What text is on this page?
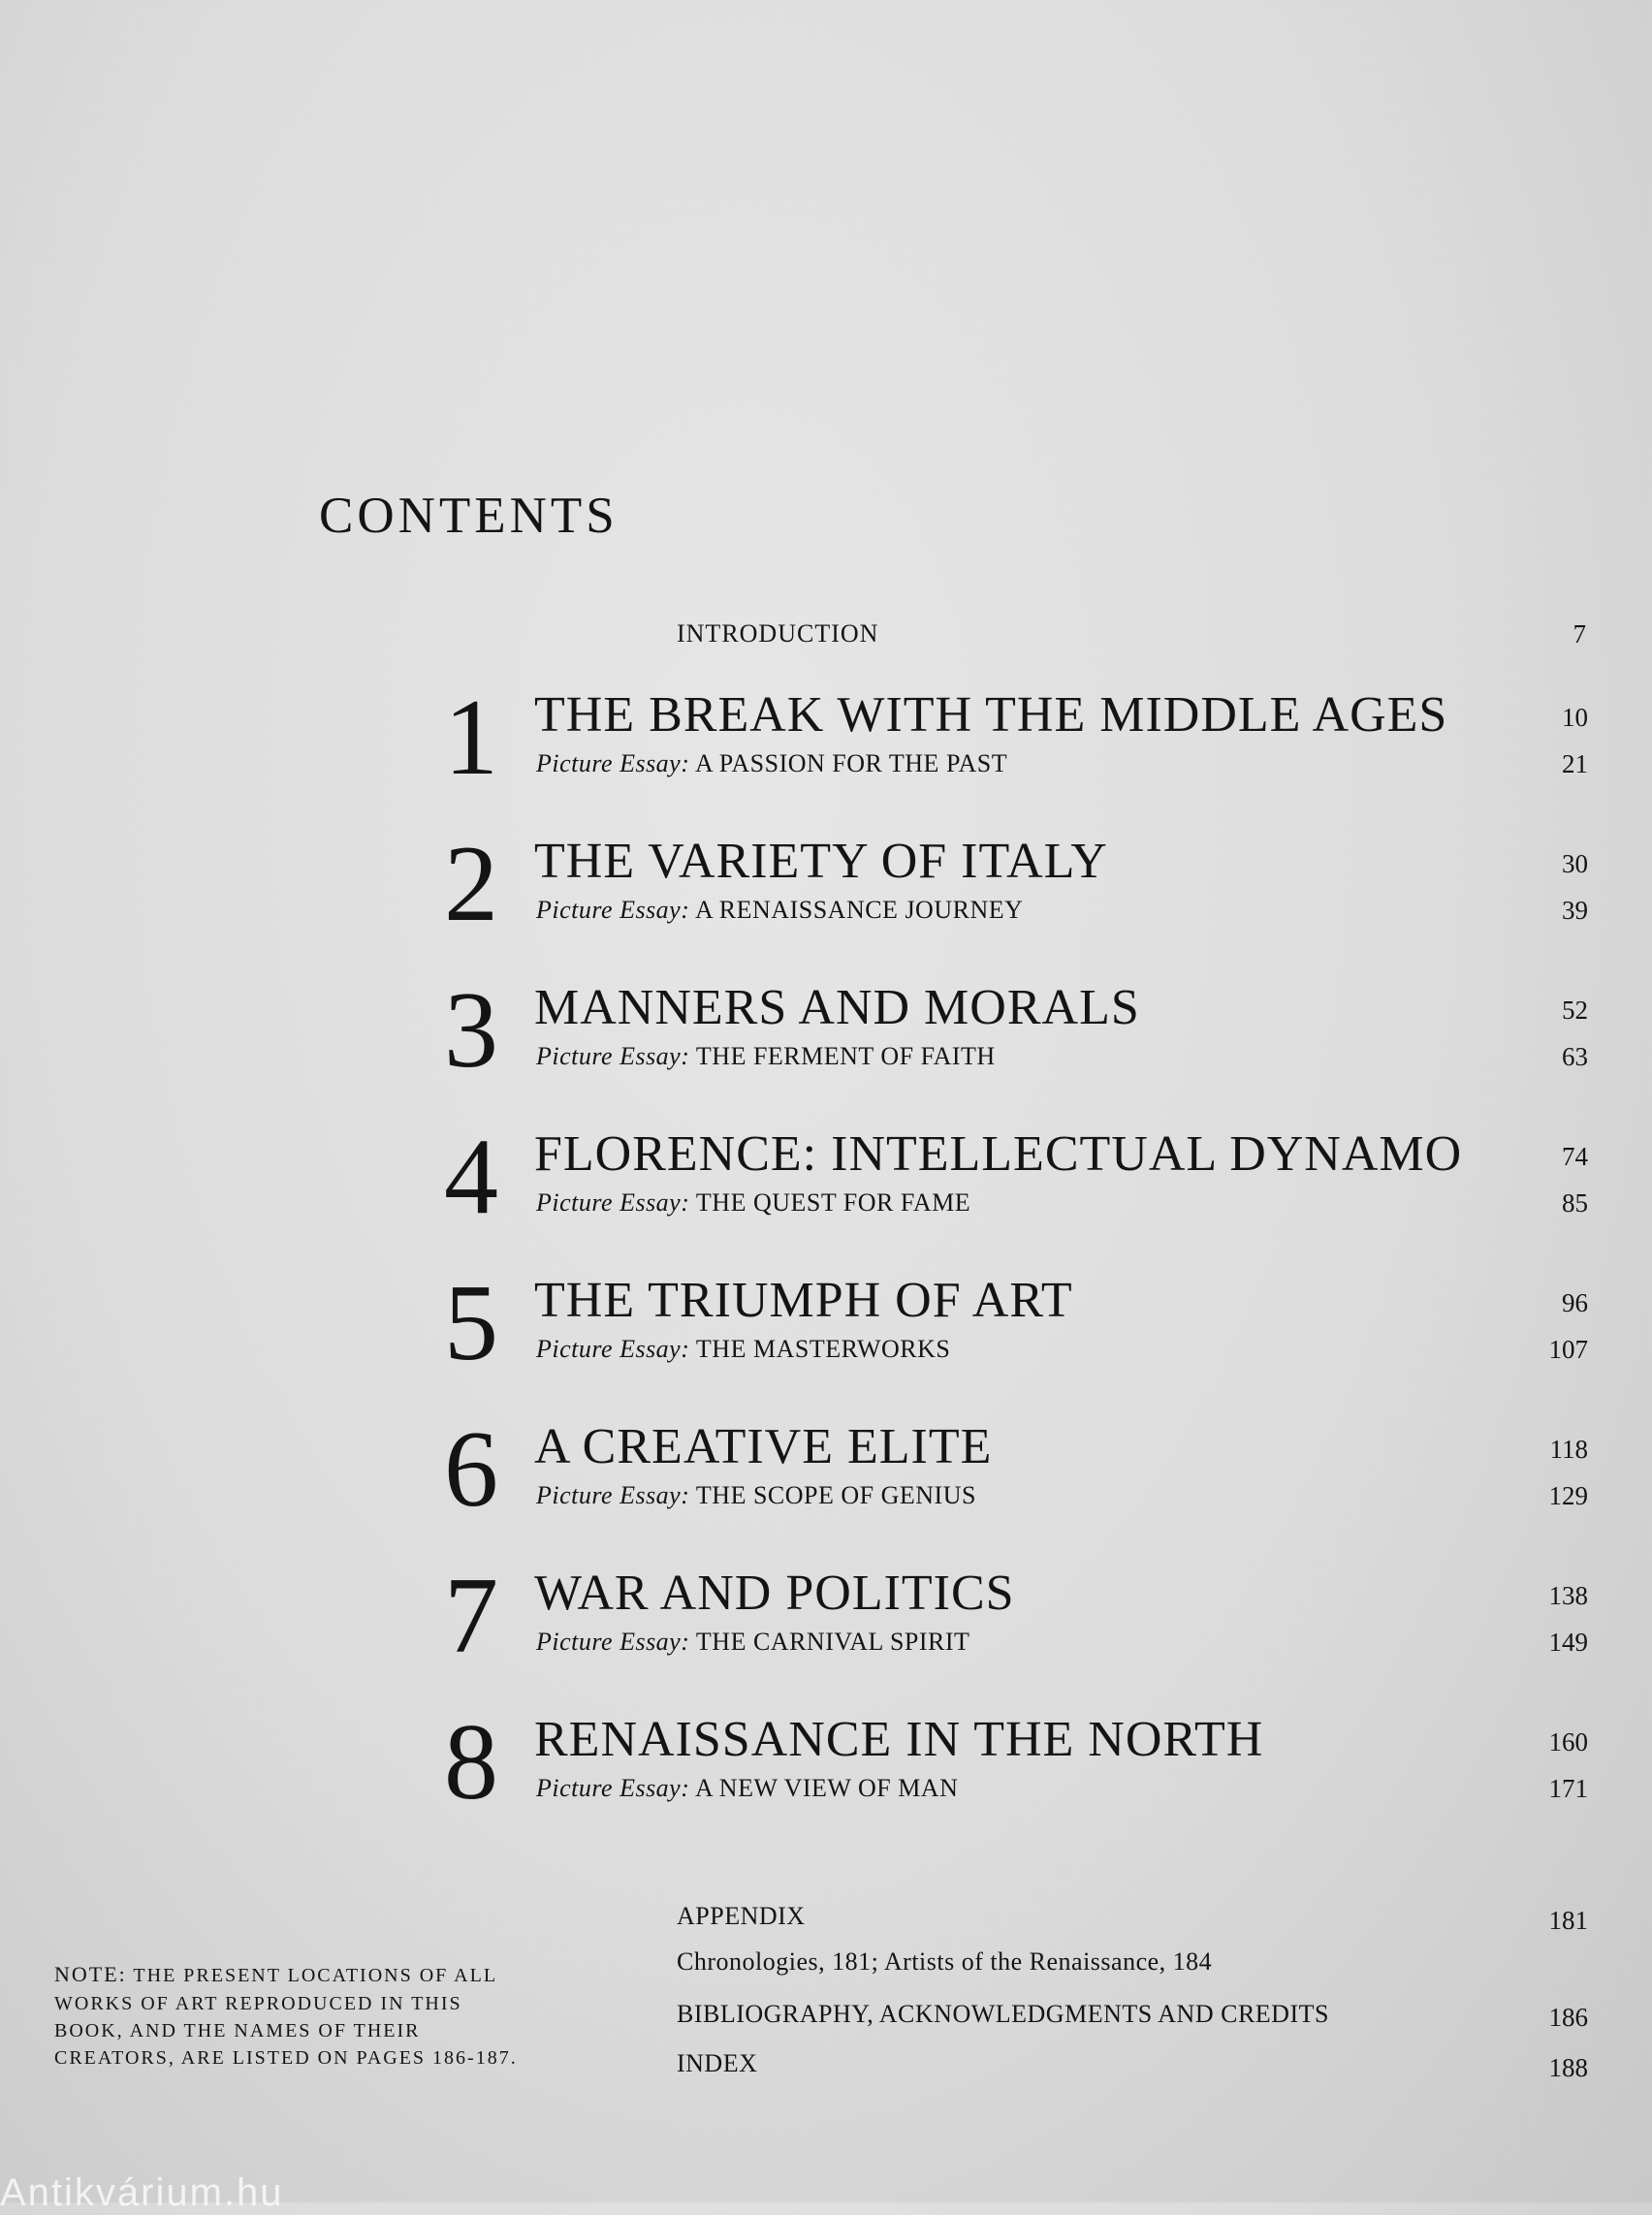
CONTENTS
INTRODUCTION	7
1 THE BREAK WITH THE MIDDLE AGES	10
Picture Essay: A PASSION FOR THE PAST	21
2 THE VARIETY OF ITALY	30
Picture Essay: A RENAISSANCE JOURNEY	39
3 MANNERS AND MORALS	52
Picture Essay: THE FERMENT OF FAITH	63
4 FLORENCE: INTELLECTUAL DYNAMO	74
Picture Essay: THE QUEST FOR FAME	85
5 THE TRIUMPH OF ART	96
Picture Essay: THE MASTERWORKS	107
6 A CREATIVE ELITE	118
Picture Essay: THE SCOPE OF GENIUS	129
7 WAR AND POLITICS	138
Picture Essay: THE CARNIVAL SPIRIT	149
8 RENAISSANCE IN THE NORTH	160
Picture Essay: A NEW VIEW OF MAN	171
APPENDIX	181
Chronologies, 181; Artists of the Renaissance, 184
BIBLIOGRAPHY, ACKNOWLEDGMENTS AND CREDITS	186
INDEX	188
NOTE: THE PRESENT LOCATIONS OF ALL WORKS OF ART REPRODUCED IN THIS BOOK, AND THE NAMES OF THEIR CREATORS, ARE LISTED ON PAGES 186-187.
Antikvárium.hu
